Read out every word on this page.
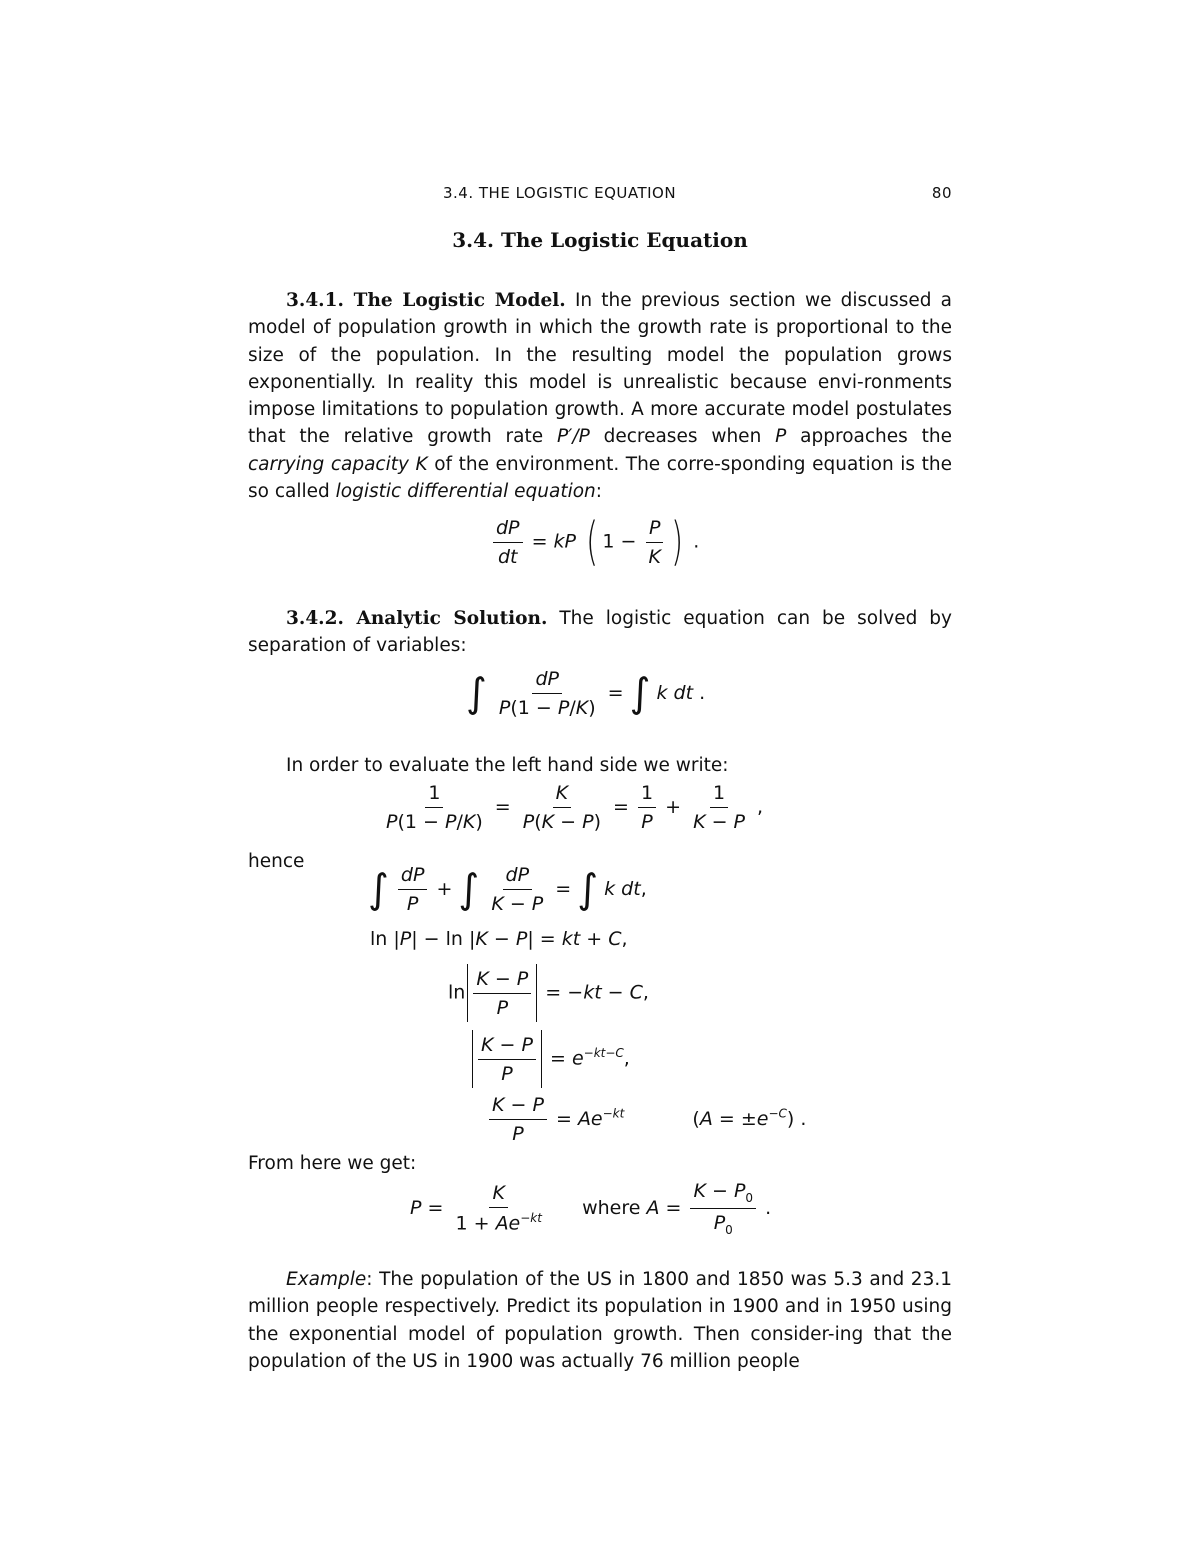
3.4. THE LOGISTIC EQUATION	80
3.4. The Logistic Equation
3.4.1. The Logistic Model. In the previous section we discussed a model of population growth in which the growth rate is proportional to the size of the population. In the resulting model the population grows exponentially. In reality this model is unrealistic because envi-ronments impose limitations to population growth. A more accurate model postulates that the relative growth rate P′/P decreases when P approaches the carrying capacity K of the environment. The corre-sponding equation is the so called logistic differential equation:
$\frac{dP}{dt}$ = kP ( $1 - \frac{P}{K}$ ) .
3.4.2. Analytic Solution. The logistic equation can be solved by separation of variables:
∫ $\frac{dP}{P(1 - P/K)}$ = ∫ k dt .
In order to evaluate the left hand side we write:
$\frac{1}{P(1 - P/K)} = \frac{K}{P(K - P)} = \frac{1}{P} + \frac{1}{K - P}$ ,
hence
∫ $\frac{dP}{P}$ + ∫ $\frac{dP}{K - P}$ = ∫ k dt,
ln |P| − ln |K − P| = kt + C,
$\ln \frac{K - P}{P} = -kt - C$,
$\frac{K - P}{P} = e^{-kt-C}$,
$\frac{K - P}{P} = Ae^{-kt}$	$(A = \pm e^{-C})$ .
From here we get:
$P = \frac{K}{1 + Ae^{-kt}}$ where $A = \frac{K - P_0}{P_0}$ .
Example: The population of the US in 1800 and 1850 was 5.3 and 23.1 million people respectively. Predict its population in 1900 and in 1950 using the exponential model of population growth. Then consider-ing that the population of the US in 1900 was actually 76 million people
